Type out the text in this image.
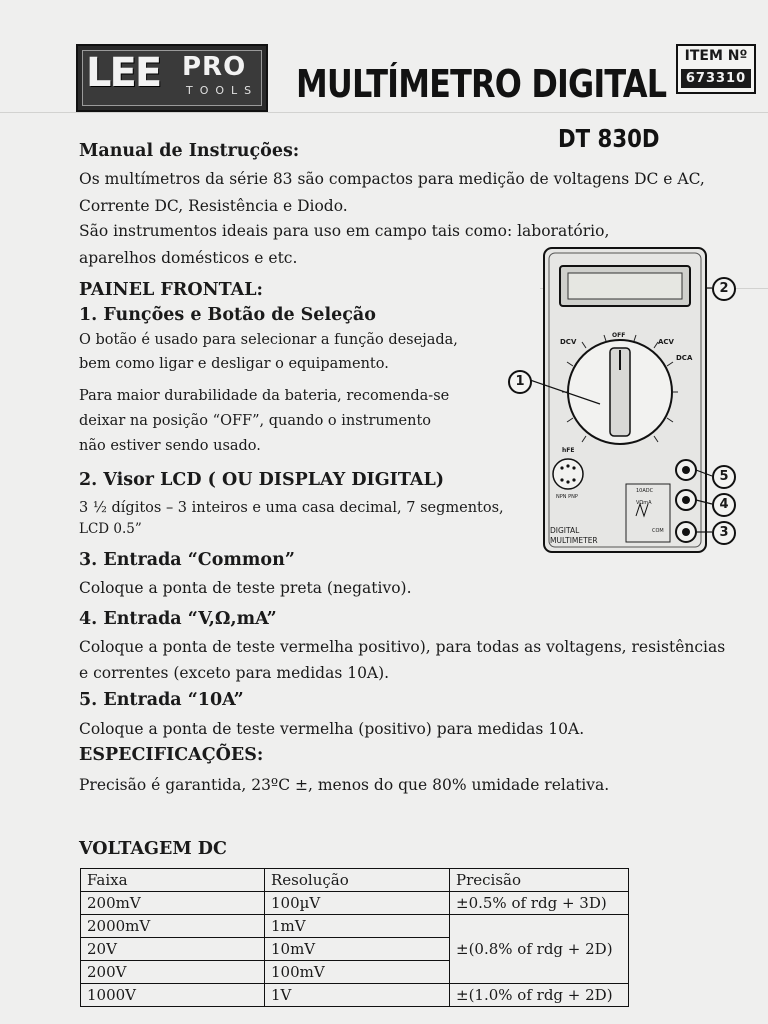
LEE PRO
TOOLS MULTÍMETRO DIGITAL
DT 830D
ITEM Nº
673310
Manual de Instruções:
Os multímetros da série 83 são compactos para medição de voltagens DC e AC,
Corrente DC, Resistência e Diodo.
São instrumentos ideais para uso em campo tais como: laboratório,
aparelhos domésticos e etc.
PAINEL FRONTAL:
1. Funções e Botão de Seleção
O botão é usado para selecionar a função desejada,
bem como ligar e desligar o equipamento.
Para maior durabilidade da bateria, recomenda-se
deixar na posição “OFF”, quando o instrumento
não estiver sendo usado.
2. Visor LCD ( OU DISPLAY DIGITAL)
3 ½ dígitos – 3 inteiros e uma casa decimal, 7 segmentos,
LCD 0.5”
3. Entrada “Common”
Coloque a ponta de teste preta (negativo).
4. Entrada “V,Ω,mA”
Coloque a ponta de teste vermelha positivo), para todas as voltagens, resistências
e correntes (exceto para medidas 10A).
5. Entrada “10A”
Coloque a ponta de teste vermelha (positivo) para medidas 10A.
ESPECIFICAÇÕES:
Precisão é garantida, 23ºC ±, menos do que 80% umidade relativa.
VOLTAGEM DC
Faixa	Resolução	Precisão
200mV	100µV	±0.5% of rdg + 3D)
2000mV	1mV	±(0.8% of rdg + 2D)
20V	10mV	
200V	100mV	
1000V	1V	±(1.0% of rdg + 2D)
DCV
OFF
ACV
DCA
hFE
NPN PNP
10ADC
VΩmA
COM
DIGITAL
MULTIMETER
1
2
3
4
5
